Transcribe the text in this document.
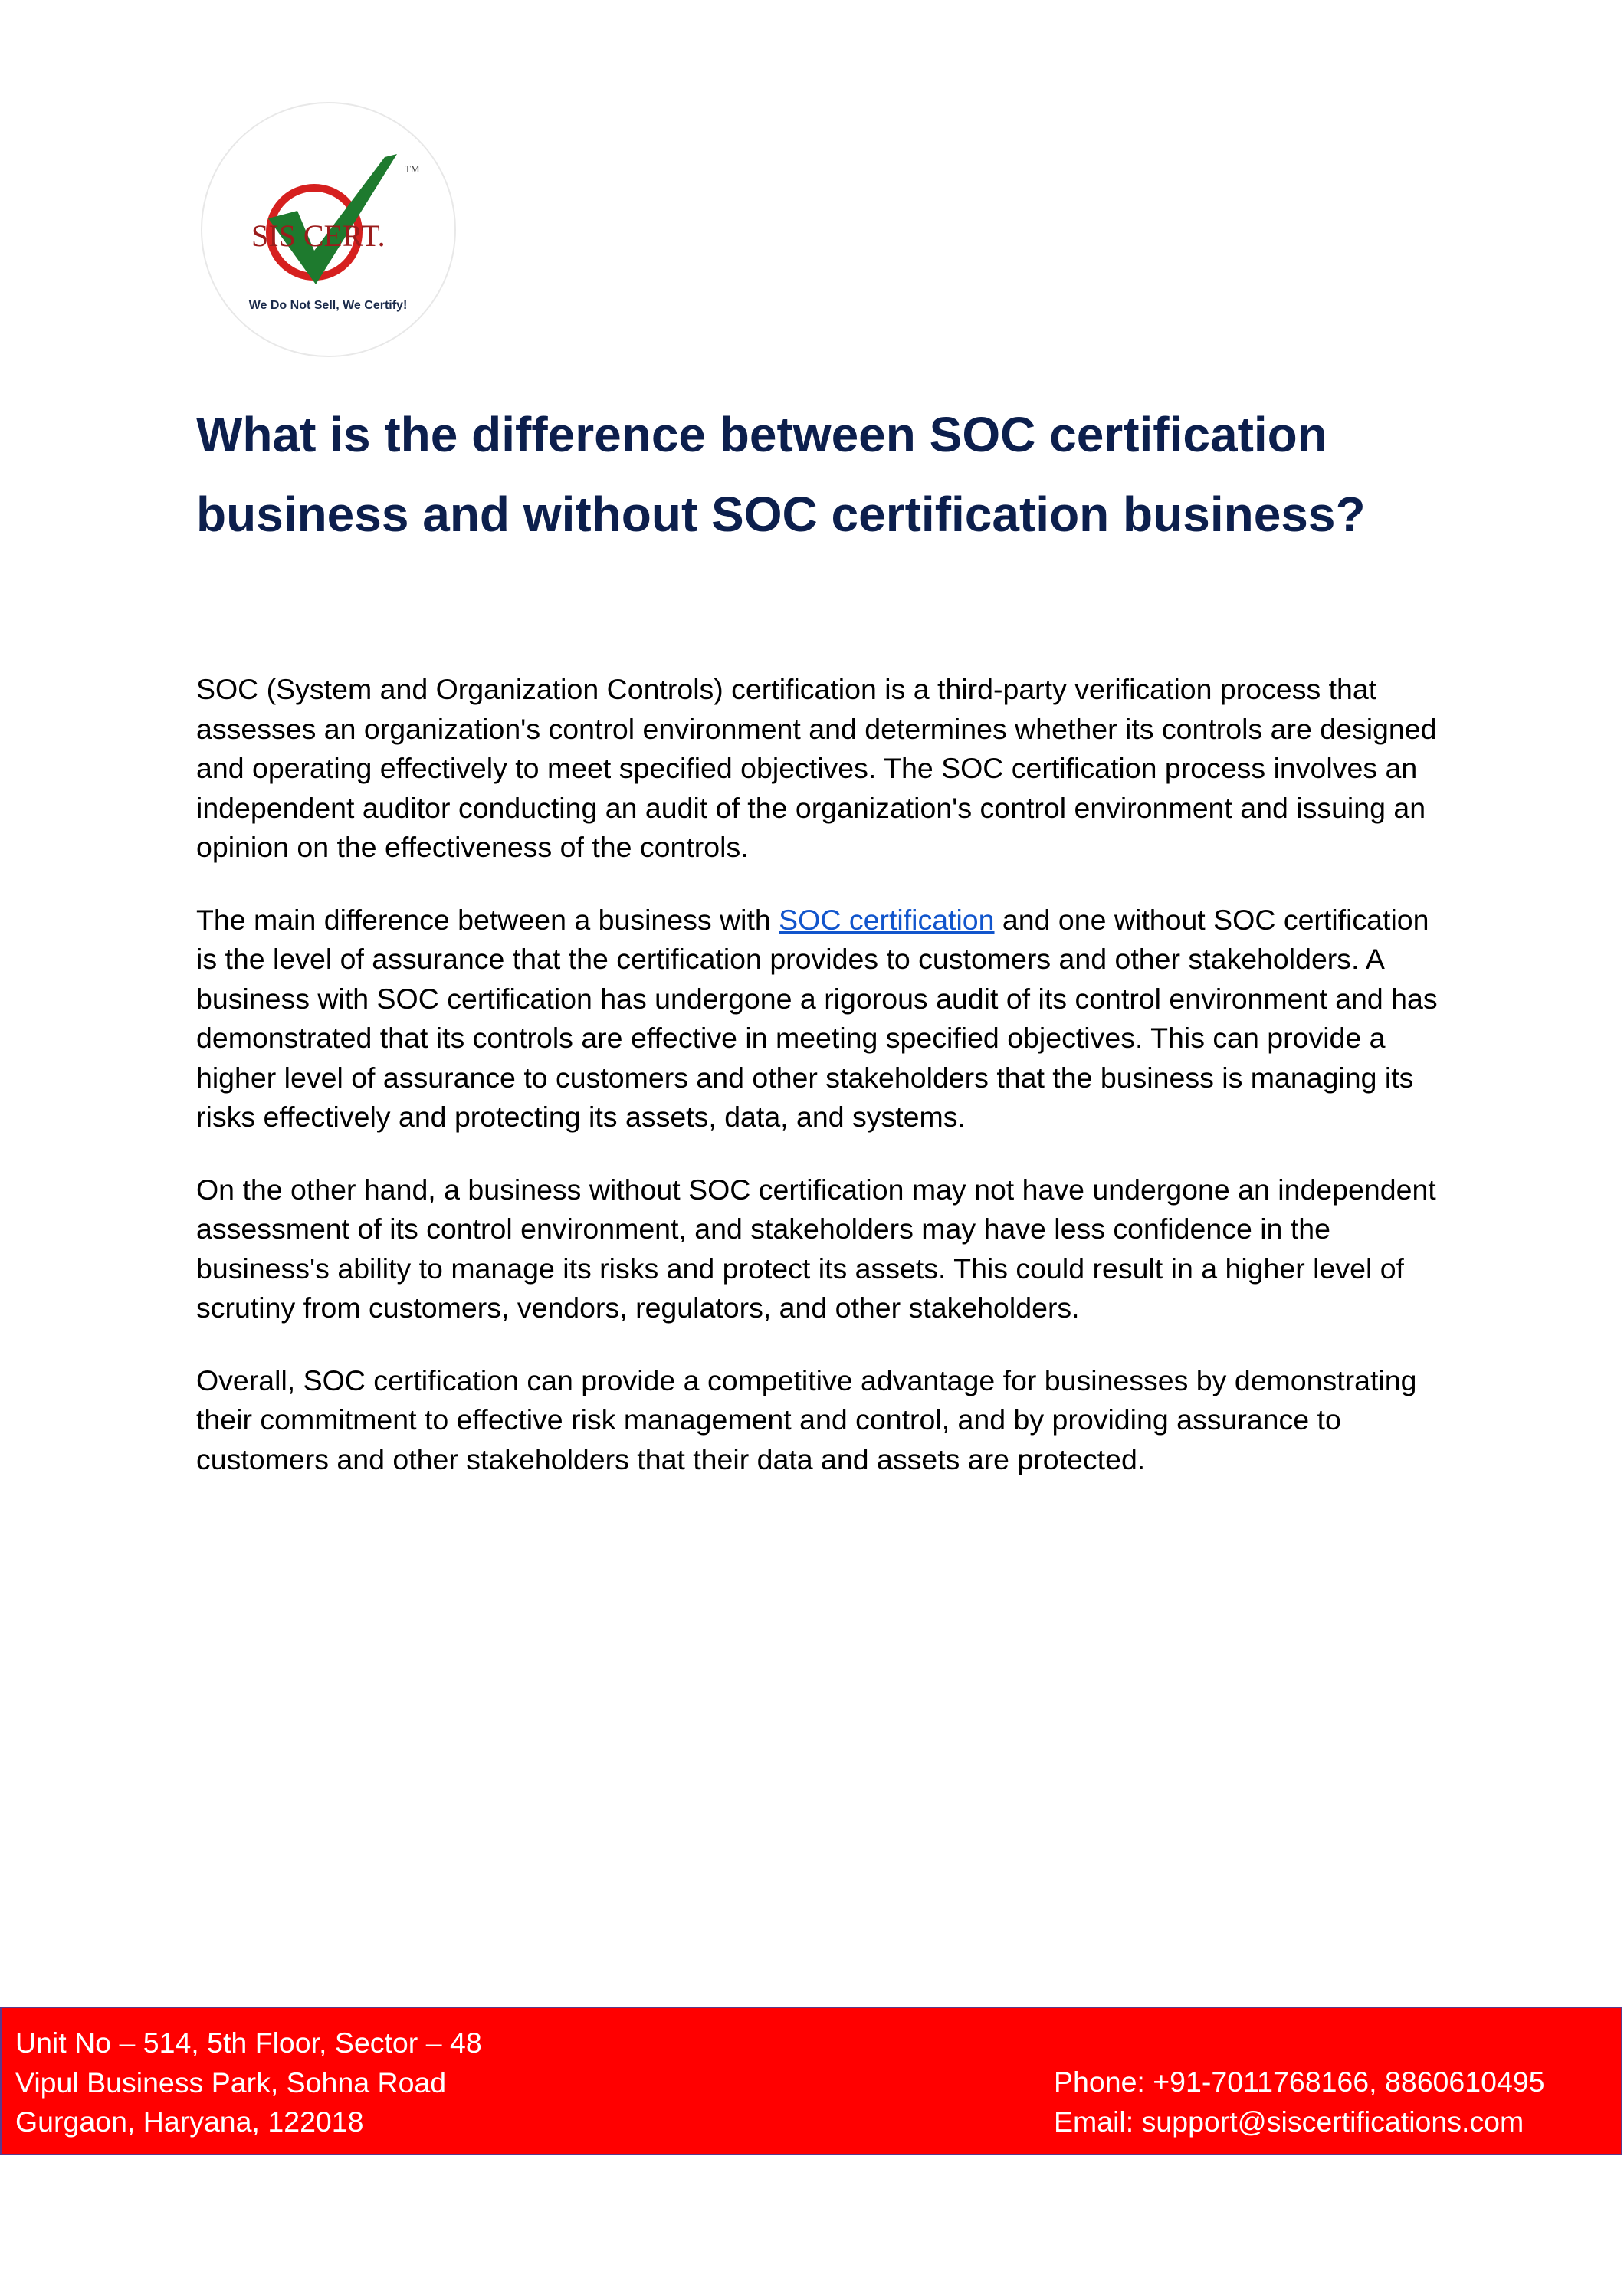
SIS CERT.
TM
We Do Not Sell, We Certify!
What is the difference between SOC certification business and without SOC certification business?

SOC (System and Organization Controls) certification is a third-party verification process that assesses an organization's control environment and determines whether its controls are designed and operating effectively to meet specified objectives. The SOC certification process involves an independent auditor conducting an audit of the organization's control environment and issuing an opinion on the effectiveness of the controls.

The main difference between a business with SOC certification and one without SOC certification is the level of assurance that the certification provides to customers and other stakeholders. A business with SOC certification has undergone a rigorous audit of its control environment and has demonstrated that its controls are effective in meeting specified objectives. This can provide a higher level of assurance to customers and other stakeholders that the business is managing its risks effectively and protecting its assets, data, and systems.

On the other hand, a business without SOC certification may not have undergone an independent assessment of its control environment, and stakeholders may have less confidence in the business's ability to manage its risks and protect its assets. This could result in a higher level of scrutiny from customers, vendors, regulators, and other stakeholders.

Overall, SOC certification can provide a competitive advantage for businesses by demonstrating their commitment to effective risk management and control, and by providing assurance to customers and other stakeholders that their data and assets are protected.

Unit No – 514, 5th Floor, Sector – 48
Vipul Business Park, Sohna Road
Gurgaon, Haryana, 122018
Phone: +91-7011768166, 8860610495
Email: support@siscertifications.com
